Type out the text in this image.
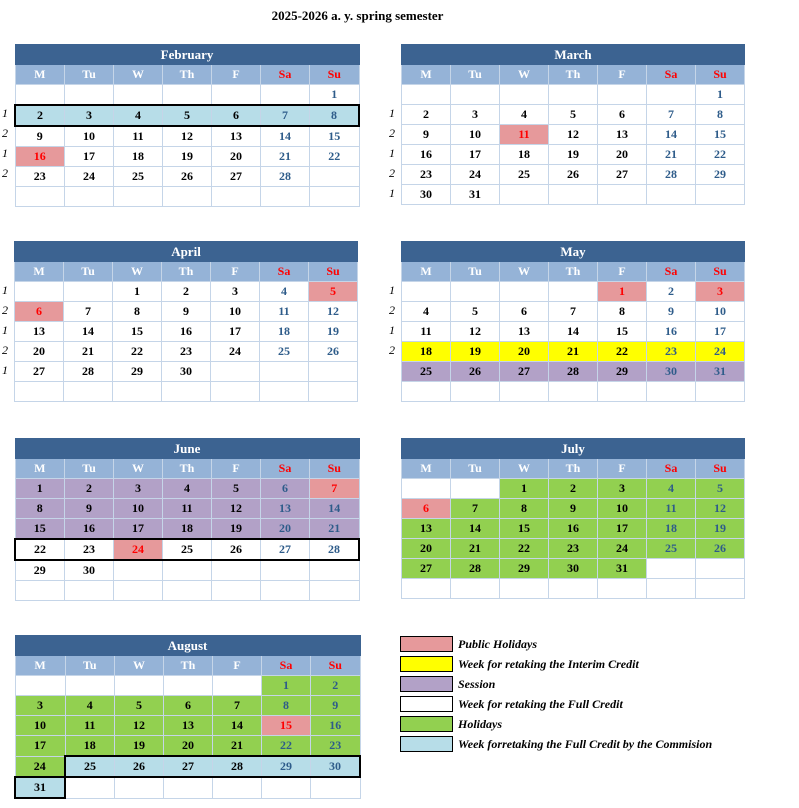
2025-2026 a. y. spring semester
February						
M	Tu	W	Th	F	Sa	Su
						1
2	3	4	5	6	7	8
9	10	11	12	13	14	15
16	17	18	19	20	21	22
23	24	25	26	27	28	

1
2
1
2
March						
M	Tu	W	Th	F	Sa	Su
						1
2	3	4	5	6	7	8
9	10	11	12	13	14	15
16	17	18	19	20	21	22
23	24	25	26	27	28	29
30	31					
1
2
1
2
1
April						
M	Tu	W	Th	F	Sa	Su
		1	2	3	4	5
6	7	8	9	10	11	12
13	14	15	16	17	18	19
20	21	22	23	24	25	26
27	28	29	30			

1
2
1
2
1
May						
M	Tu	W	Th	F	Sa	Su
				1	2	3
4	5	6	7	8	9	10
11	12	13	14	15	16	17
18	19	20	21	22	23	24
25	26	27	28	29	30	31

1
2
1
2
June						
M	Tu	W	Th	F	Sa	Su
1	2	3	4	5	6	7
8	9	10	11	12	13	14
15	16	17	18	19	20	21
22	23	24	25	26	27	28
29	30					

July						
M	Tu	W	Th	F	Sa	Su
		1	2	3	4	5
6	7	8	9	10	11	12
13	14	15	16	17	18	19
20	21	22	23	24	25	26
27	28	29	30	31		

August						
M	Tu	W	Th	F	Sa	Su
					1	2
3	4	5	6	7	8	9
10	11	12	13	14	15	16
17	18	19	20	21	22	23
24	25	26	27	28	29	30
31						
Public Holidays
Week for retaking the Interim Credit
Session
Week for retaking the Full Credit
Holidays
Week forretaking the Full Credit by the Commision
